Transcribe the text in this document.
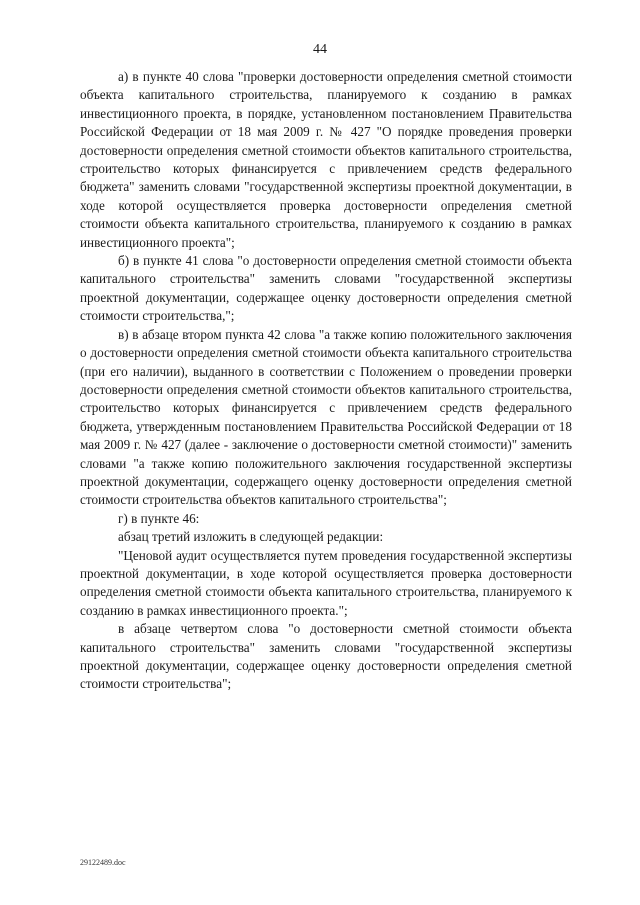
44

а) в пункте 40 слова "проверки достоверности определения сметной стоимости объекта капитального строительства, планируемого к созданию в рамках инвестиционного проекта, в порядке, установленном постановлением Правительства Российской Федерации от 18 мая 2009 г. № 427 "О порядке проведения проверки достоверности определения сметной стоимости объектов капитального строительства, строительство которых финансируется с привлечением средств федерального бюджета" заменить словами "государственной экспертизы проектной документации, в ходе которой осуществляется проверка достоверности определения сметной стоимости объекта капитального строительства, планируемого к созданию в рамках инвестиционного проекта";

б) в пункте 41 слова "о достоверности определения сметной стоимости объекта капитального строительства" заменить словами "государственной экспертизы проектной документации, содержащее оценку достоверности определения сметной стоимости строительства,";

в) в абзаце втором пункта 42 слова "а также копию положительного заключения о достоверности определения сметной стоимости объекта капитального строительства (при его наличии), выданного в соответствии с Положением о проведении проверки достоверности определения сметной стоимости объектов капитального строительства, строительство которых финансируется с привлечением средств федерального бюджета, утвержденным постановлением Правительства Российской Федерации от 18 мая 2009 г. № 427 (далее - заключение о достоверности сметной стоимости)" заменить словами "а также копию положительного заключения государственной экспертизы проектной документации, содержащего оценку достоверности определения сметной стоимости строительства объектов капитального строительства";

г) в пункте 46:

абзац третий изложить в следующей редакции:

"Ценовой аудит осуществляется путем проведения государственной экспертизы проектной документации, в ходе которой осуществляется проверка достоверности определения сметной стоимости объекта капитального строительства, планируемого к созданию в рамках инвестиционного проекта.";

в абзаце четвертом слова "о достоверности сметной стоимости объекта капитального строительства" заменить словами "государственной экспертизы проектной документации, содержащее оценку достоверности определения сметной стоимости строительства";

29122489.doc
